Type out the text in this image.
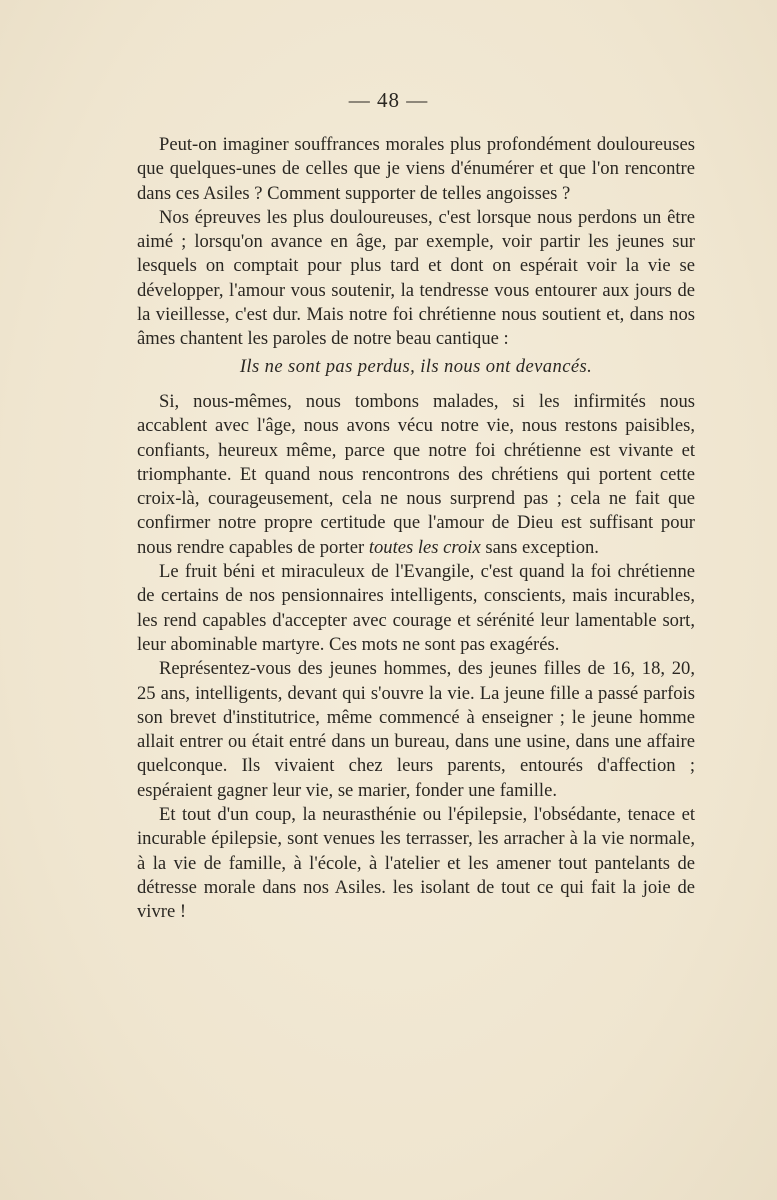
— 48 —

Peut-on imaginer souffrances morales plus profondément douloureuses que quelques-unes de celles que je viens d'énumérer et que l'on rencontre dans ces Asiles ? Comment supporter de telles angoisses ?

Nos épreuves les plus douloureuses, c'est lorsque nous perdons un être aimé ; lorsqu'on avance en âge, par exemple, voir partir les jeunes sur lesquels on comptait pour plus tard et dont on espérait voir la vie se développer, l'amour vous soutenir, la tendresse vous entourer aux jours de la vieillesse, c'est dur. Mais notre foi chrétienne nous soutient et, dans nos âmes chantent les paroles de notre beau cantique :

Ils ne sont pas perdus, ils nous ont devancés.

Si, nous-mêmes, nous tombons malades, si les infirmités nous accablent avec l'âge, nous avons vécu notre vie, nous restons paisibles, confiants, heureux même, parce que notre foi chrétienne est vivante et triomphante. Et quand nous rencontrons des chrétiens qui portent cette croix-là, courageusement, cela ne nous surprend pas ; cela ne fait que confirmer notre propre certitude que l'amour de Dieu est suffisant pour nous rendre capables de porter toutes les croix sans exception.

Le fruit béni et miraculeux de l'Evangile, c'est quand la foi chrétienne de certains de nos pensionnaires intelligents, conscients, mais incurables, les rend capables d'accepter avec courage et sérénité leur lamentable sort, leur abominable martyre. Ces mots ne sont pas exagérés.

Représentez-vous des jeunes hommes, des jeunes filles de 16, 18, 20, 25 ans, intelligents, devant qui s'ouvre la vie. La jeune fille a passé parfois son brevet d'institutrice, même commencé à enseigner ; le jeune homme allait entrer ou était entré dans un bureau, dans une usine, dans une affaire quelconque. Ils vivaient chez leurs parents, entourés d'affection ; espéraient gagner leur vie, se marier, fonder une famille.

Et tout d'un coup, la neurasthénie ou l'épilepsie, l'obsédante, tenace et incurable épilepsie, sont venues les terrasser, les arracher à la vie normale, à la vie de famille, à l'école, à l'atelier et les amener tout pantelants de détresse morale dans nos Asiles. les isolant de tout ce qui fait la joie de vivre !
